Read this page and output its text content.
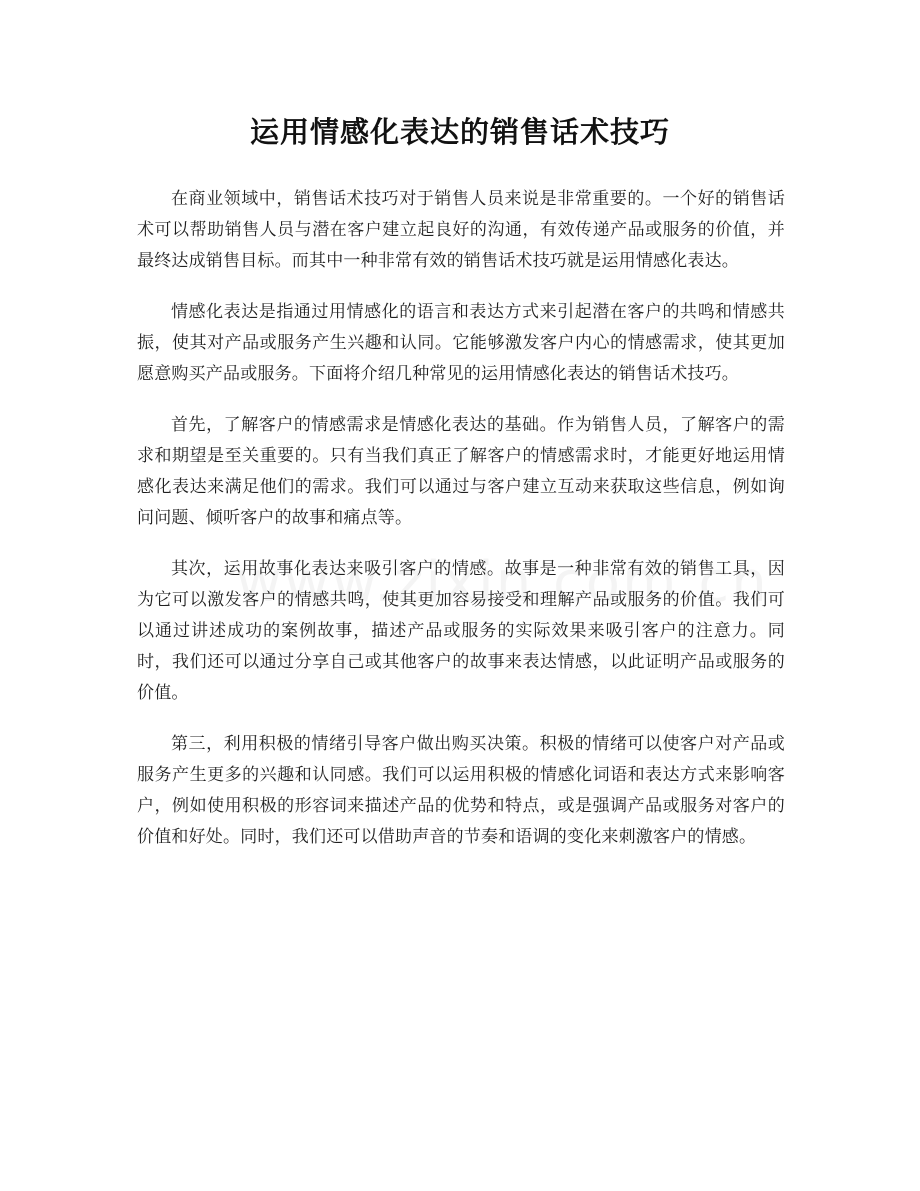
运用情感化表达的销售话术技巧

在商业领域中，销售话术技巧对于销售人员来说是非常重要的。一个好的销售话术可以帮助销售人员与潜在客户建立起良好的沟通，有效传递产品或服务的价值，并最终达成销售目标。而其中一种非常有效的销售话术技巧就是运用情感化表达。

情感化表达是指通过用情感化的语言和表达方式来引起潜在客户的共鸣和情感共振，使其对产品或服务产生兴趣和认同。它能够激发客户内心的情感需求，使其更加愿意购买产品或服务。下面将介绍几种常见的运用情感化表达的销售话术技巧。

首先，了解客户的情感需求是情感化表达的基础。作为销售人员，了解客户的需求和期望是至关重要的。只有当我们真正了解客户的情感需求时，才能更好地运用情感化表达来满足他们的需求。我们可以通过与客户建立互动来获取这些信息，例如询问问题、倾听客户的故事和痛点等。

其次，运用故事化表达来吸引客户的情感。故事是一种非常有效的销售工具，因为它可以激发客户的情感共鸣，使其更加容易接受和理解产品或服务的价值。我们可以通过讲述成功的案例故事，描述产品或服务的实际效果来吸引客户的注意力。同时，我们还可以通过分享自己或其他客户的故事来表达情感，以此证明产品或服务的价值。

第三，利用积极的情绪引导客户做出购买决策。积极的情绪可以使客户对产品或服务产生更多的兴趣和认同感。我们可以运用积极的情感化词语和表达方式来影响客户，例如使用积极的形容词来描述产品的优势和特点，或是强调产品或服务对客户的价值和好处。同时，我们还可以借助声音的节奏和语调的变化来刺激客户的情感。
